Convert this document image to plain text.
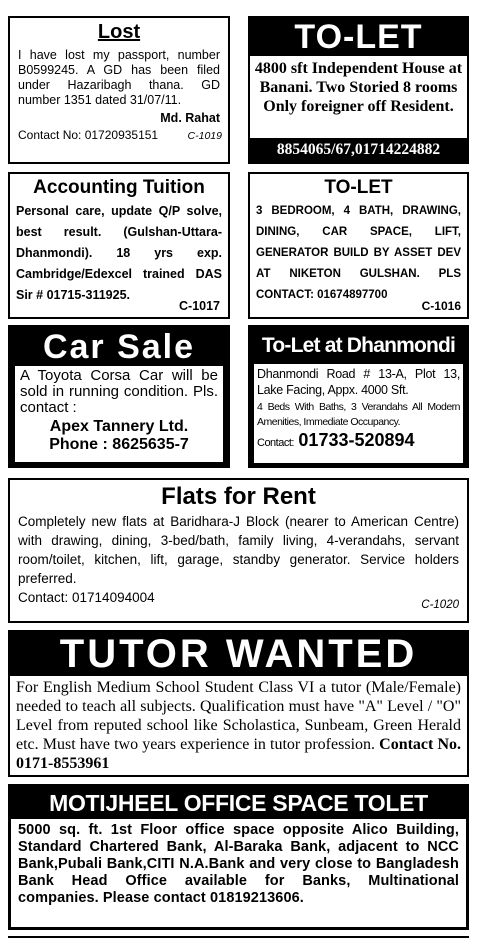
Lost
I have lost my passport, number B0599245. A GD has been filed under Hazaribagh thana. GD number 1351 dated 31/07/11.
Md. Rahat
Contact No: 01720935151	C-1019
TO-LET
4800 sft Independent House at Banani. Two Storied 8 rooms Only foreigner off Resident.
8854065/67,01714224882
Accounting Tuition
Personal care, update Q/P solve, best result. (Gulshan-Uttara-Dhanmondi). 18 yrs exp. Cambridge/Edexcel trained DAS Sir # 01715-311925.
C-1017
TO-LET
3 BEDROOM, 4 BATH, DRAWING, DINING, CAR SPACE, LIFT, GENERATOR BUILD BY ASSET DEV AT NIKETON GULSHAN. PLS CONTACT: 01674897700
C-1016
Car Sale
A Toyota Corsa Car will be sold in running condition. Pls. contact :
Apex Tannery Ltd.
Phone : 8625635-7
To-Let at Dhanmondi
Dhanmondi Road # 13-A, Plot 13, Lake Facing, Appx. 4000 Sft.
4 Beds With Baths, 3 Verandahs All Modern Amenities, Immediate Occupancy.
Contact: 01733-520894
Flats for Rent
Completely new flats at Baridhara-J Block (nearer to American Centre) with drawing, dining, 3-bed/bath, family living, 4-verandahs, servant room/toilet, kitchen, lift, garage, standby generator. Service holders preferred.
Contact: 01714094004	C-1020
TUTOR WANTED
For English Medium School Student Class VI a tutor (Male/Female) needed to teach all subjects. Qualification must have "A" Level / "O" Level from reputed school like Scholastica, Sunbeam, Green Herald etc. Must have two years experience in tutor profession. Contact No. 0171-8553961
MOTIJHEEL OFFICE SPACE TOLET
5000 sq. ft. 1st Floor office space opposite Alico Building, Standard Chartered Bank, Al-Baraka Bank, adjacent to NCC Bank,Pubali Bank,CITI N.A.Bank and very close to Bangladesh Bank Head Office available for Banks, Multinational companies. Please contact 01819213606.
